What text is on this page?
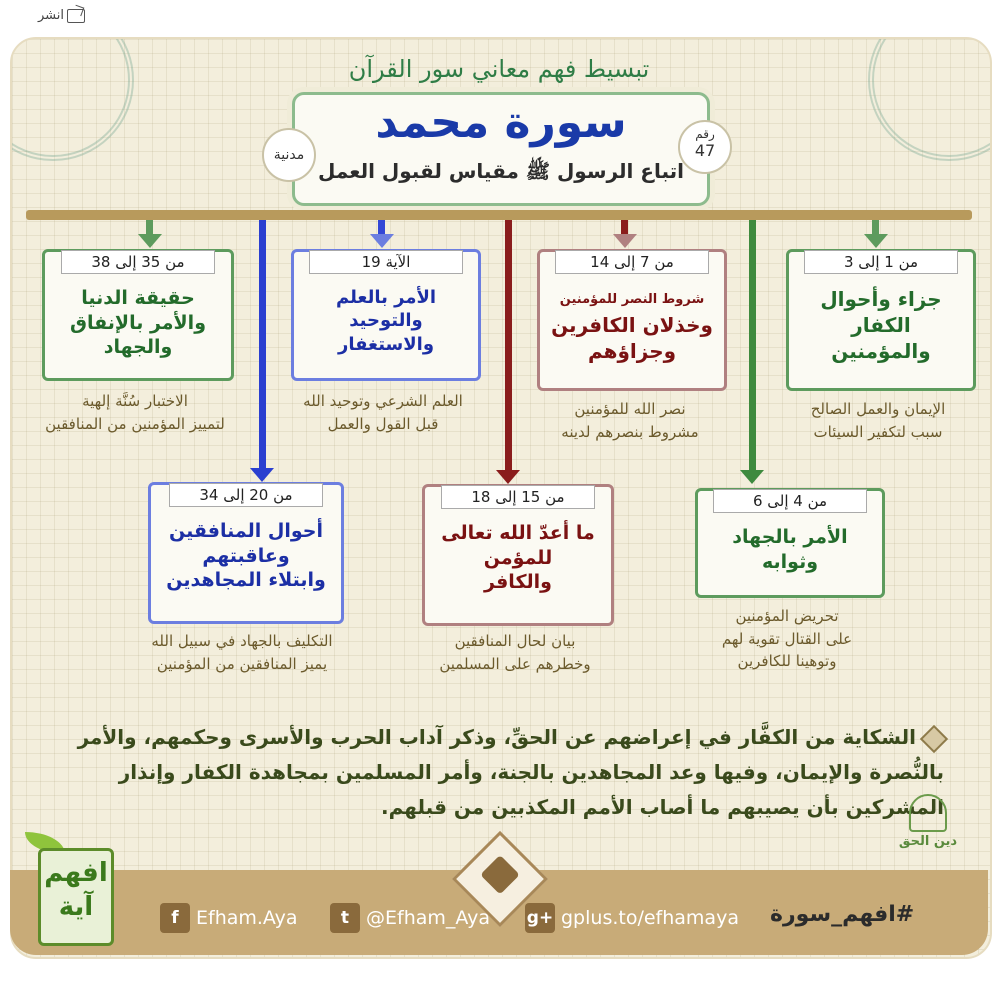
انشر
تبسيط فهم معاني سور القرآن
سورة محمد
اتباع الرسول ﷺ مقياس لقبول العمل
رقم
47
مدنية
من 1 إلى 3
جزاء وأحوال
الكفار
والمؤمنين
من 7 إلى 14
شروط النصر للمؤمنين
وخذلان الكافرين
وجزاؤهم
الآية 19
الأمر بالعلم
والتوحيد
والاستغفار
من 35 إلى 38
حقيقة الدنيا
والأمر بالإنفاق
والجهاد
الإيمان والعمل الصالح
سبب لتكفير السيئات
نصر الله للمؤمنين
مشروط بنصرهم لدينه
العلم الشرعي وتوحيد الله
قبل القول والعمل
الاختبار سُنَّة إلهية
لتمييز المؤمنين من المنافقين
من 4 إلى 6
الأمر بالجهاد
وثوابه
من 15 إلى 18
ما أعدّ الله تعالى
للمؤمن
والكافر
من 20 إلى 34
أحوال المنافقين
وعاقبتهم
وابتلاء المجاهدين
تحريض المؤمنين
على القتال تقوية لهم
وتوهينا للكافرين
بيان لحال المنافقين
وخطرهم على المسلمين
التكليف بالجهاد في سبيل الله
يميز المنافقين من المؤمنين
الشكاية من الكفَّار في إعراضهم عن الحقِّ، وذكر آداب الحرب والأسرى وحكمهم، والأمر بالنُّصرة والإيمان، وفيها وعد المجاهدين بالجنة، وأمر المسلمين بمجاهدة الكفار وإنذار المشركين بأن يصيبهم ما أصاب الأمم المكذبين من قبلهم.
دين الحق
افهم
آية	f Efham.Aya	t @Efham_Aya g+ gplus.to/efhamaya #افهم_سورة
